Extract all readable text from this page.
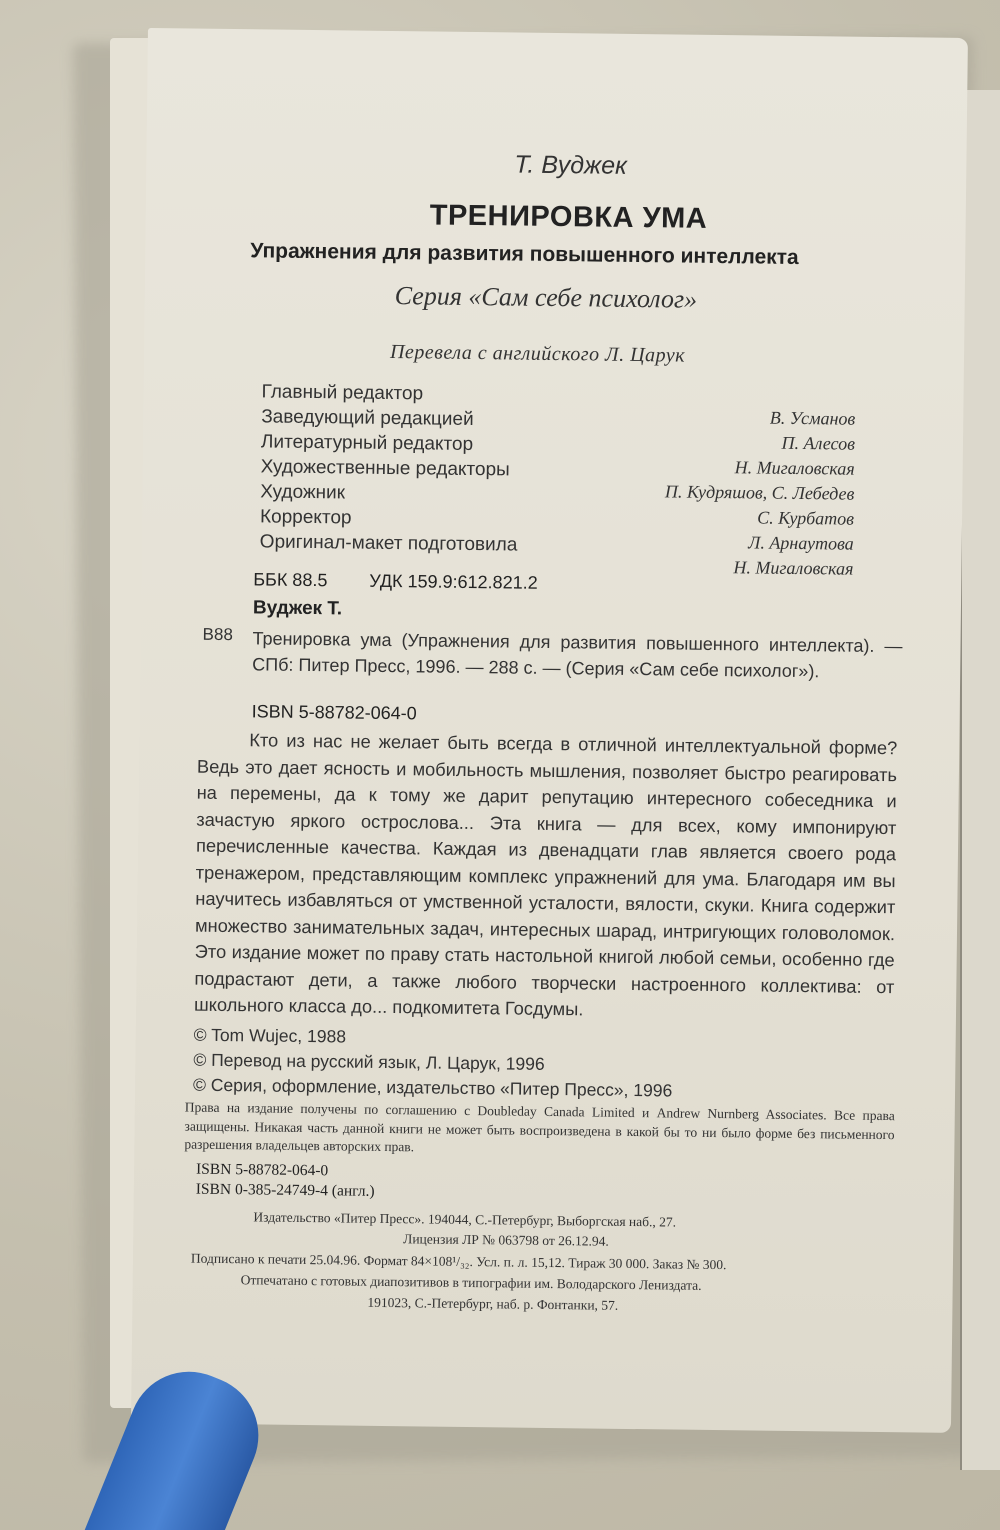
Т. Вуджек
ТРЕНИРОВКА УМА
Упражнения для развития повышенного интеллекта
Серия «Сам себе психолог»
Перевела с английского Л. Царук
Главный редактор
В. Усманов
Заведующий редакцией
П. Алесов
Литературный редактор
Н. Мигаловская
Художественные редакторы
П. Кудряшов, С. Лебедев
Художник
С. Курбатов
Корректор
Л. Арнаутова
Оригинал-макет подготовила
Н. Мигаловская
ББК 88.5 УДК 159.9:612.821.2
Вуджек Т.
В88 Тренировка ума (Упражнения для развития повышенного интеллекта). — СПб: Питер Пресс, 1996. — 288 с. — (Серия «Сам себе психолог»).
ISBN 5-88782-064-0
Кто из нас не желает быть всегда в отличной интеллектуальной форме? Ведь это дает ясность и мобильность мышления, позволяет быстро реагировать на перемены, да к тому же дарит репутацию интересного собеседника и зачастую яркого острослова... Эта книга — для всех, кому импонируют перечисленные качества. Каждая из двенадцати глав является своего рода тренажером, представляющим комплекс упражнений для ума. Благодаря им вы научитесь избавляться от умственной усталости, вялости, скуки. Книга содержит множество занимательных задач, интересных шарад, интригующих головоломок. Это издание может по праву стать настольной книгой любой семьи, особенно где подрастают дети, а также любого творчески настроенного коллектива: от школьного класса до... подкомитета Госдумы.
© Tom Wujec, 1988
© Перевод на русский язык, Л. Царук, 1996
© Серия, оформление, издательство «Питер Пресс», 1996
Права на издание получены по соглашению с Doubleday Canada Limited и Andrew Nurnberg Associates. Все права защищены. Никакая часть данной книги не может быть воспроизведена в какой бы то ни было форме без письменного разрешения владельцев авторских прав.
ISBN 5-88782-064-0
ISBN 0-385-24749-4 (англ.)
Издательство «Питер Пресс». 194044, С.-Петербург, Выборгская наб., 27.
Лицензия ЛР № 063798 от 26.12.94.
Подписано к печати 25.04.96. Формат 84×108¹/₃₂. Усл. п. л. 15,12. Тираж 30 000. Заказ № 300.
Отпечатано с готовых диапозитивов в типографии им. Володарского Лениздата.
191023, С.-Петербург, наб. р. Фонтанки, 57.
